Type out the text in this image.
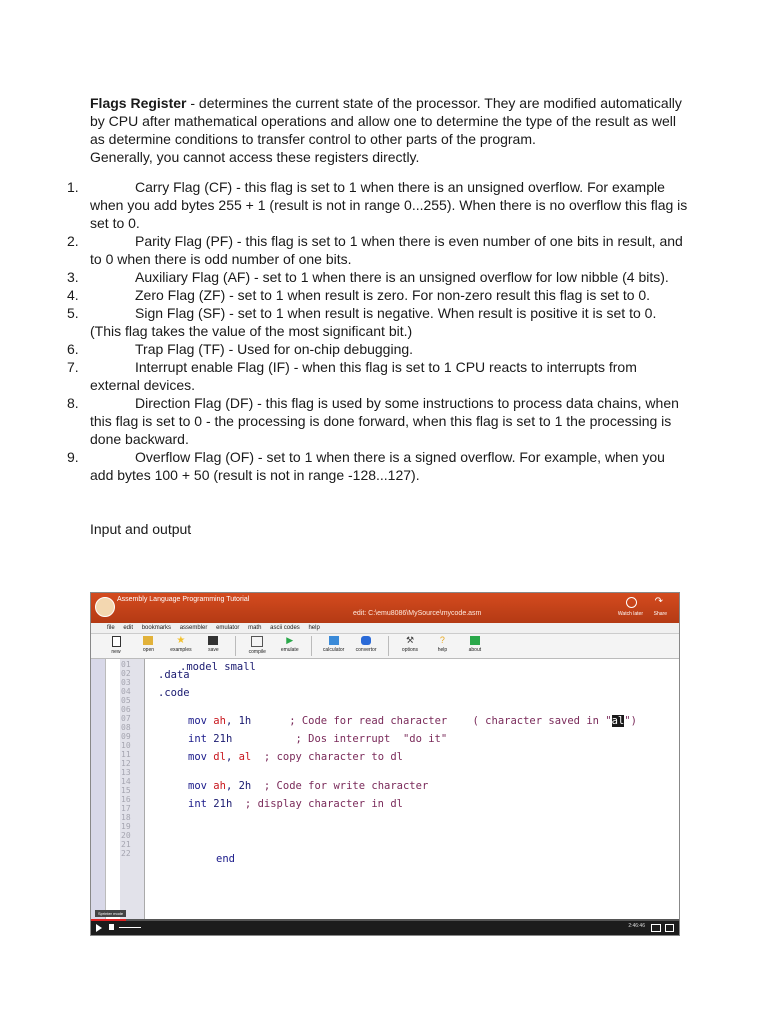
Flags Register - determines the current state of the processor. They are modified automatically by CPU after mathematical operations and allow one to determine the type of the result as well as determine conditions to transfer control to other parts of the program.

Generally, you cannot access these registers directly.

1.	Carry Flag (CF) - this flag is set to 1 when there is an unsigned overflow. For example when you add bytes 255 + 1 (result is not in range 0...255). When there is no overflow this flag is set to 0.
2.	Parity Flag (PF) - this flag is set to 1 when there is even number of one bits in result, and to 0 when there is odd number of one bits.
3.	Auxiliary Flag (AF) - set to 1 when there is an unsigned overflow for low nibble (4 bits).
4.	Zero Flag (ZF) - set to 1 when result is zero. For non-zero result this flag is set to 0.
5.	Sign Flag (SF) - set to 1 when result is negative. When result is positive it is set to 0. (This flag takes the value of the most significant bit.)
6.	Trap Flag (TF) - Used for on-chip debugging.
7.	Interrupt enable Flag (IF) - when this flag is set to 1 CPU reacts to interrupts from external devices.
8.	Direction Flag (DF) - this flag is used by some instructions to process data chains, when this flag is set to 0 - the processing is done forward, when this flag is set to 1 the processing is done backward.
9.	Overflow Flag (OF) - set to 1 when there is a signed overflow. For example, when you add bytes 100 + 50 (result is not in range -128...127).

Input and output

Assembly Language Programming Tutorial
edit: C:\emu8086\MySource\mycode.asm
↷
Watch later Share
file edit bookmarks assembler emulator math ascii codes help
new	open
★
examples	save	compile
▶
emulate	calculator convertor
⚒
options
?
help	about
01
02
03
04
05
06
07
08
09
10
11
12
13
14
15
16
17
18
19
20
21
22
.model small
.data
.code
mov ah, 1h	; Code for read character ( character saved in "al")
int 21h	; Dos interrupt  "do it"
mov dl, al ; copy character to dl
mov ah, 2h ; Code for write character
int 21h ; display character in dl
end
Sprinter mode
2:46:46
